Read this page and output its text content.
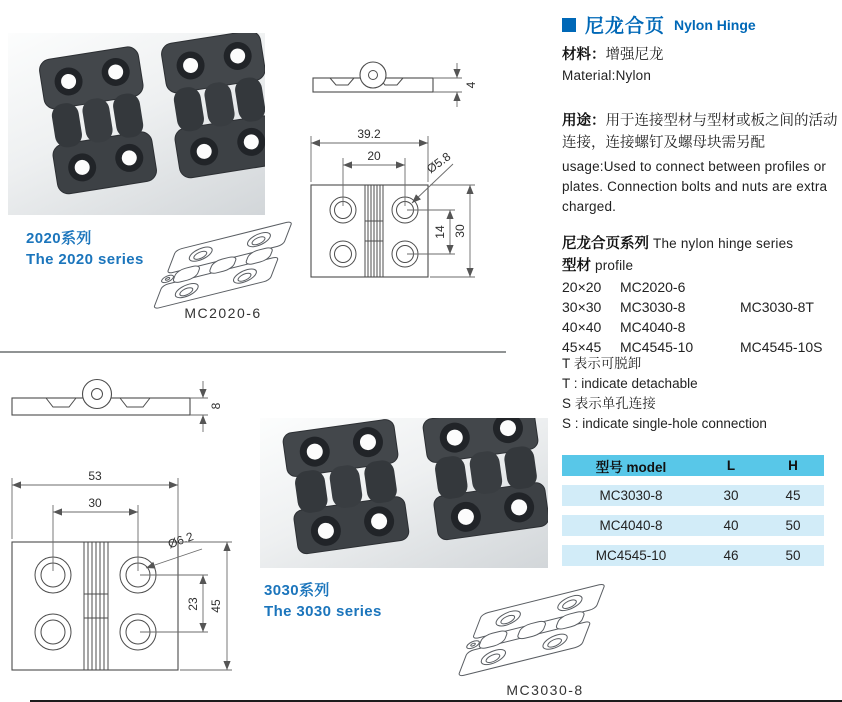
2020系列
The 2020 series
MC2020-6
4
39.2
20	Ø5.8
14 30
8
53
30
Ø6.2
23 45
3030系列
The 3030 series
MC3030-8
尼龙合页 Nylon Hinge
材料：增强尼龙
Material:Nylon
用途：用于连接型材与型材或板之间的活动连接，连接螺钉及螺母块需另配
usage:Used to connect between profiles or plates. Connection bolts and nuts are extra charged.
尼龙合页系列 The nylon hinge series
型材 profile
20×20	MC2020-6
30×30	MC3030-8	MC3030-8T
40×40	MC4040-8
45×45	MC4545-10	MC4545-10S
T 表示可脱卸
T : indicate detachable
S 表示单孔连接
S : indicate single-hole connection
型号 model	L	H
MC3030-8	30	45
MC4040-8	40	50
MC4545-10	46	50
